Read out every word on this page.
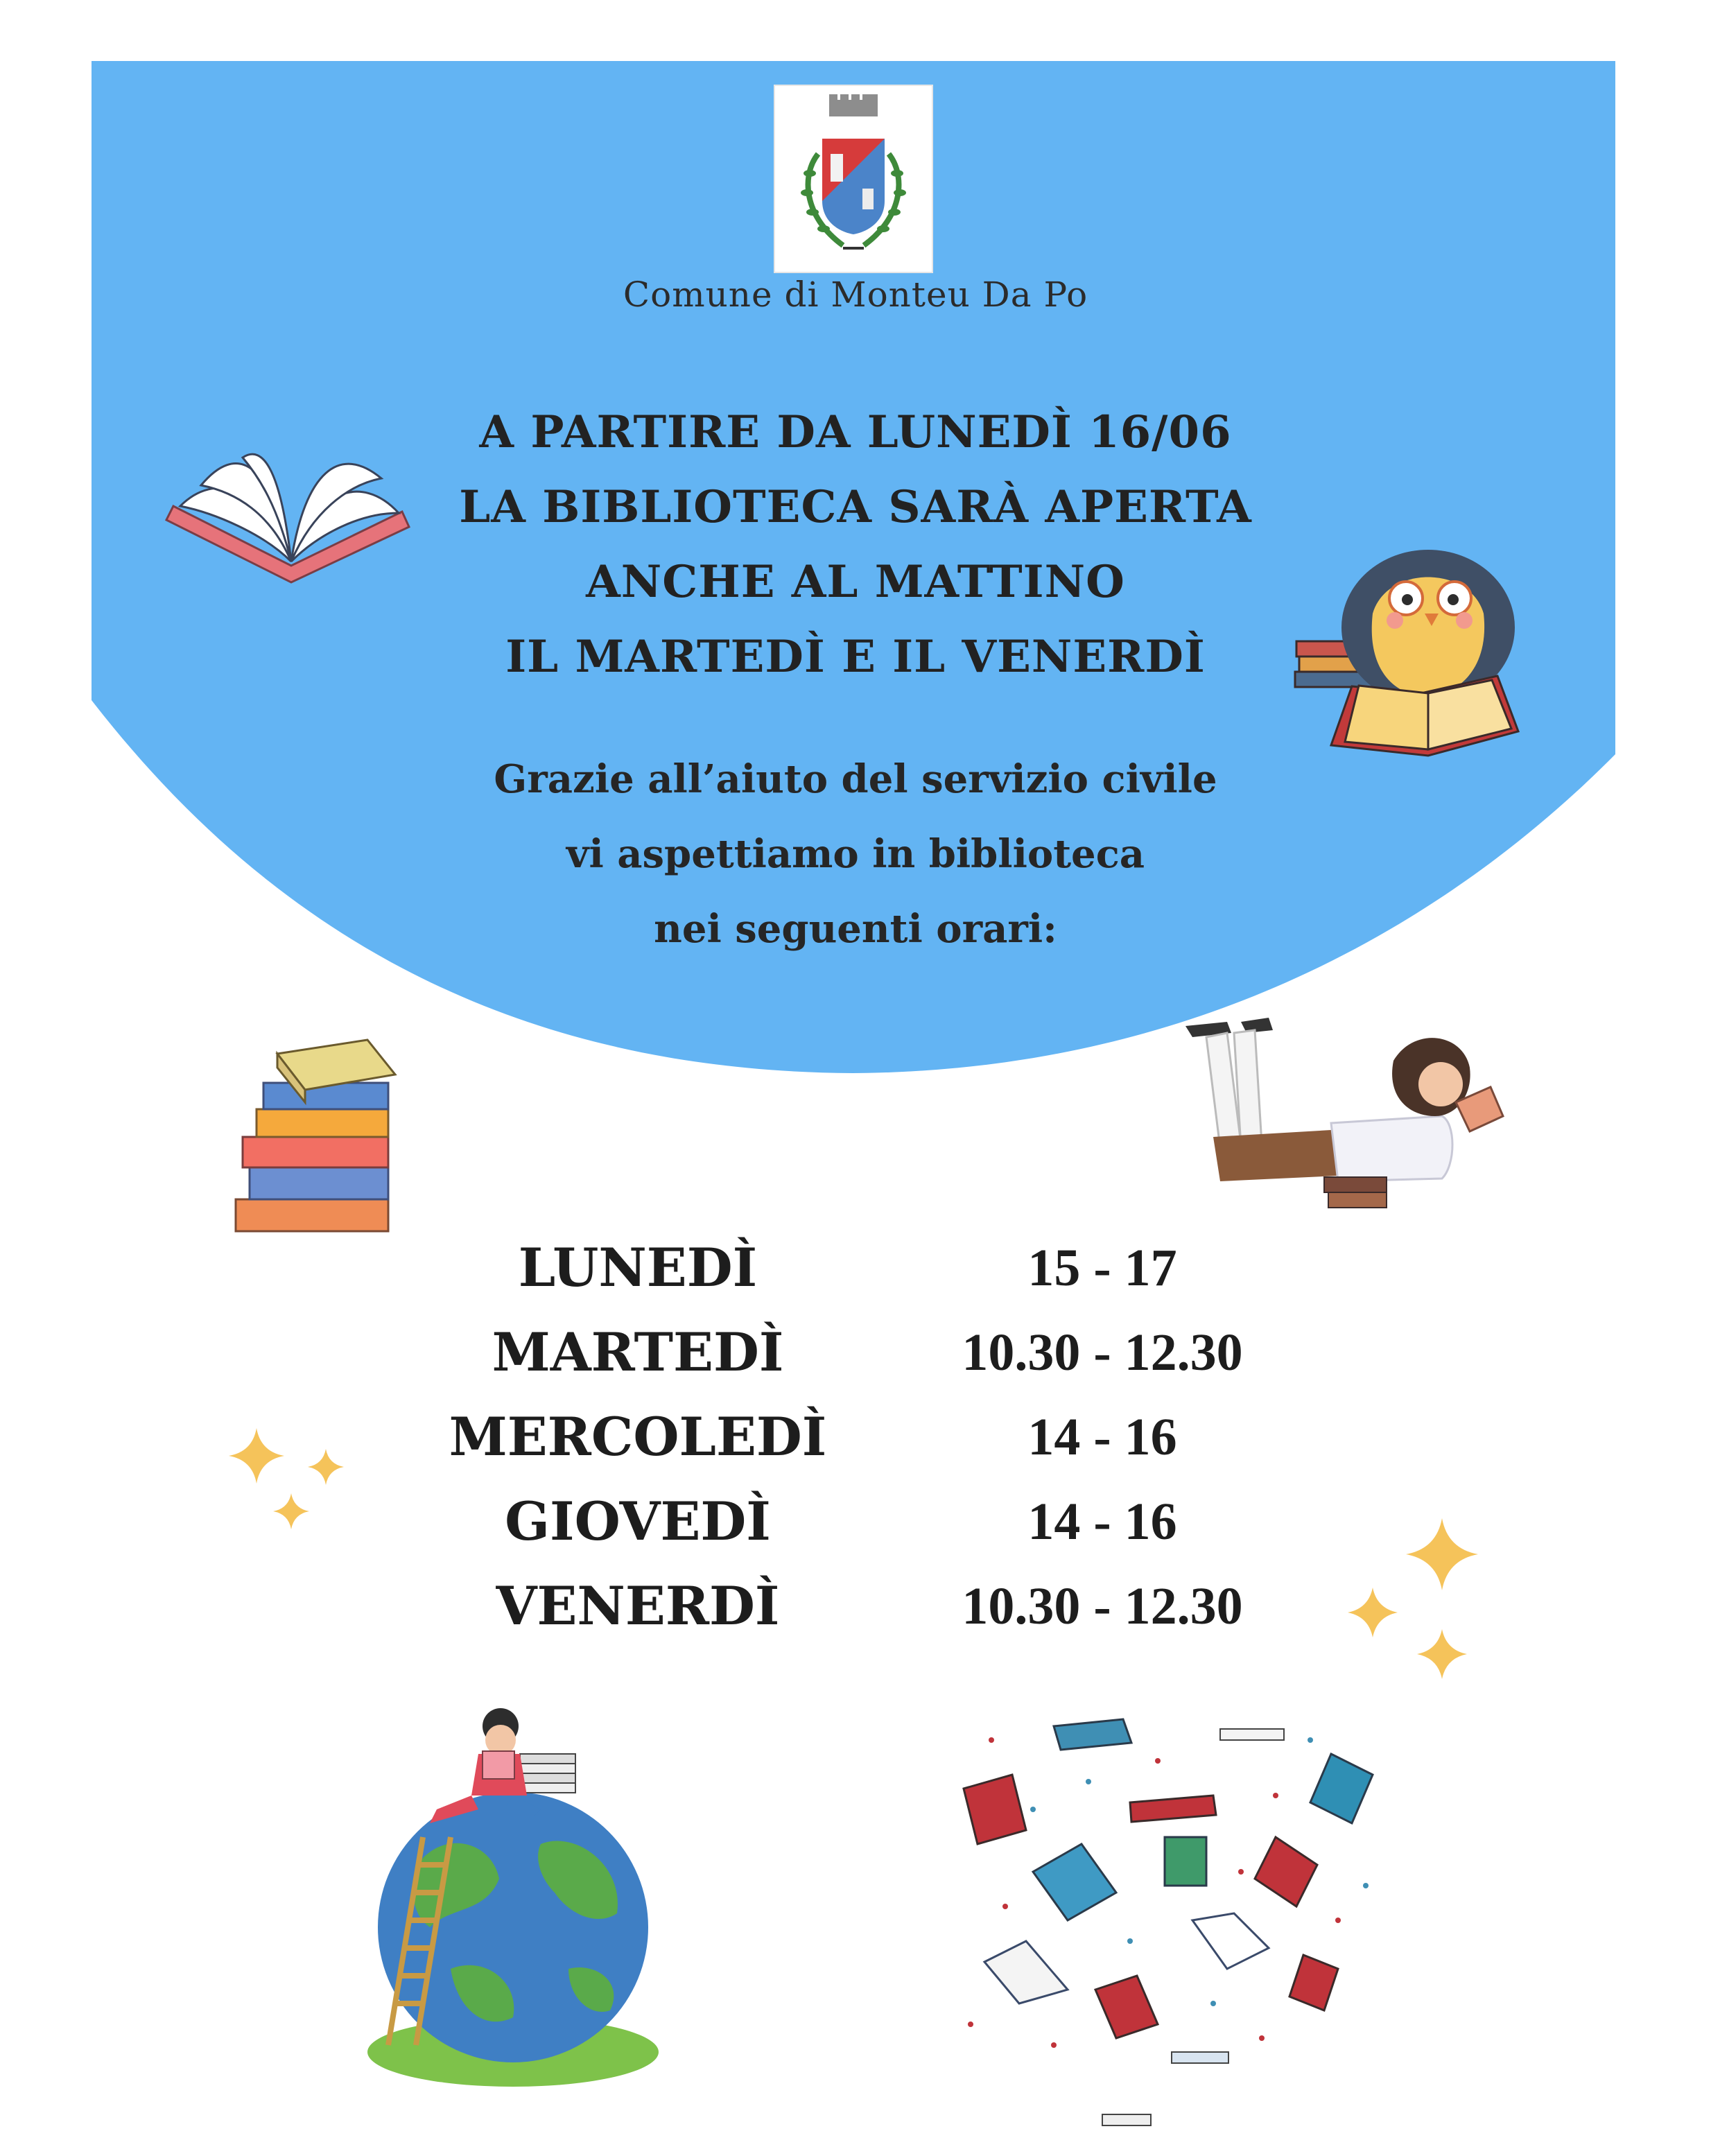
Comune di Monteu Da Po
A PARTIRE DA LUNEDÌ 16/06
LA BIBLIOTECA SARÀ APERTA
ANCHE AL MATTINO
IL MARTEDÌ E IL VENERDÌ
Grazie all’aiuto del servizio civile
vi aspettiamo in biblioteca
nei seguenti orari:
LUNEDÌ	15 - 17
MARTEDÌ	10.30 - 12.30
MERCOLEDÌ	14 - 16
GIOVEDÌ	14 - 16
VENERDÌ	10.30 - 12.30
